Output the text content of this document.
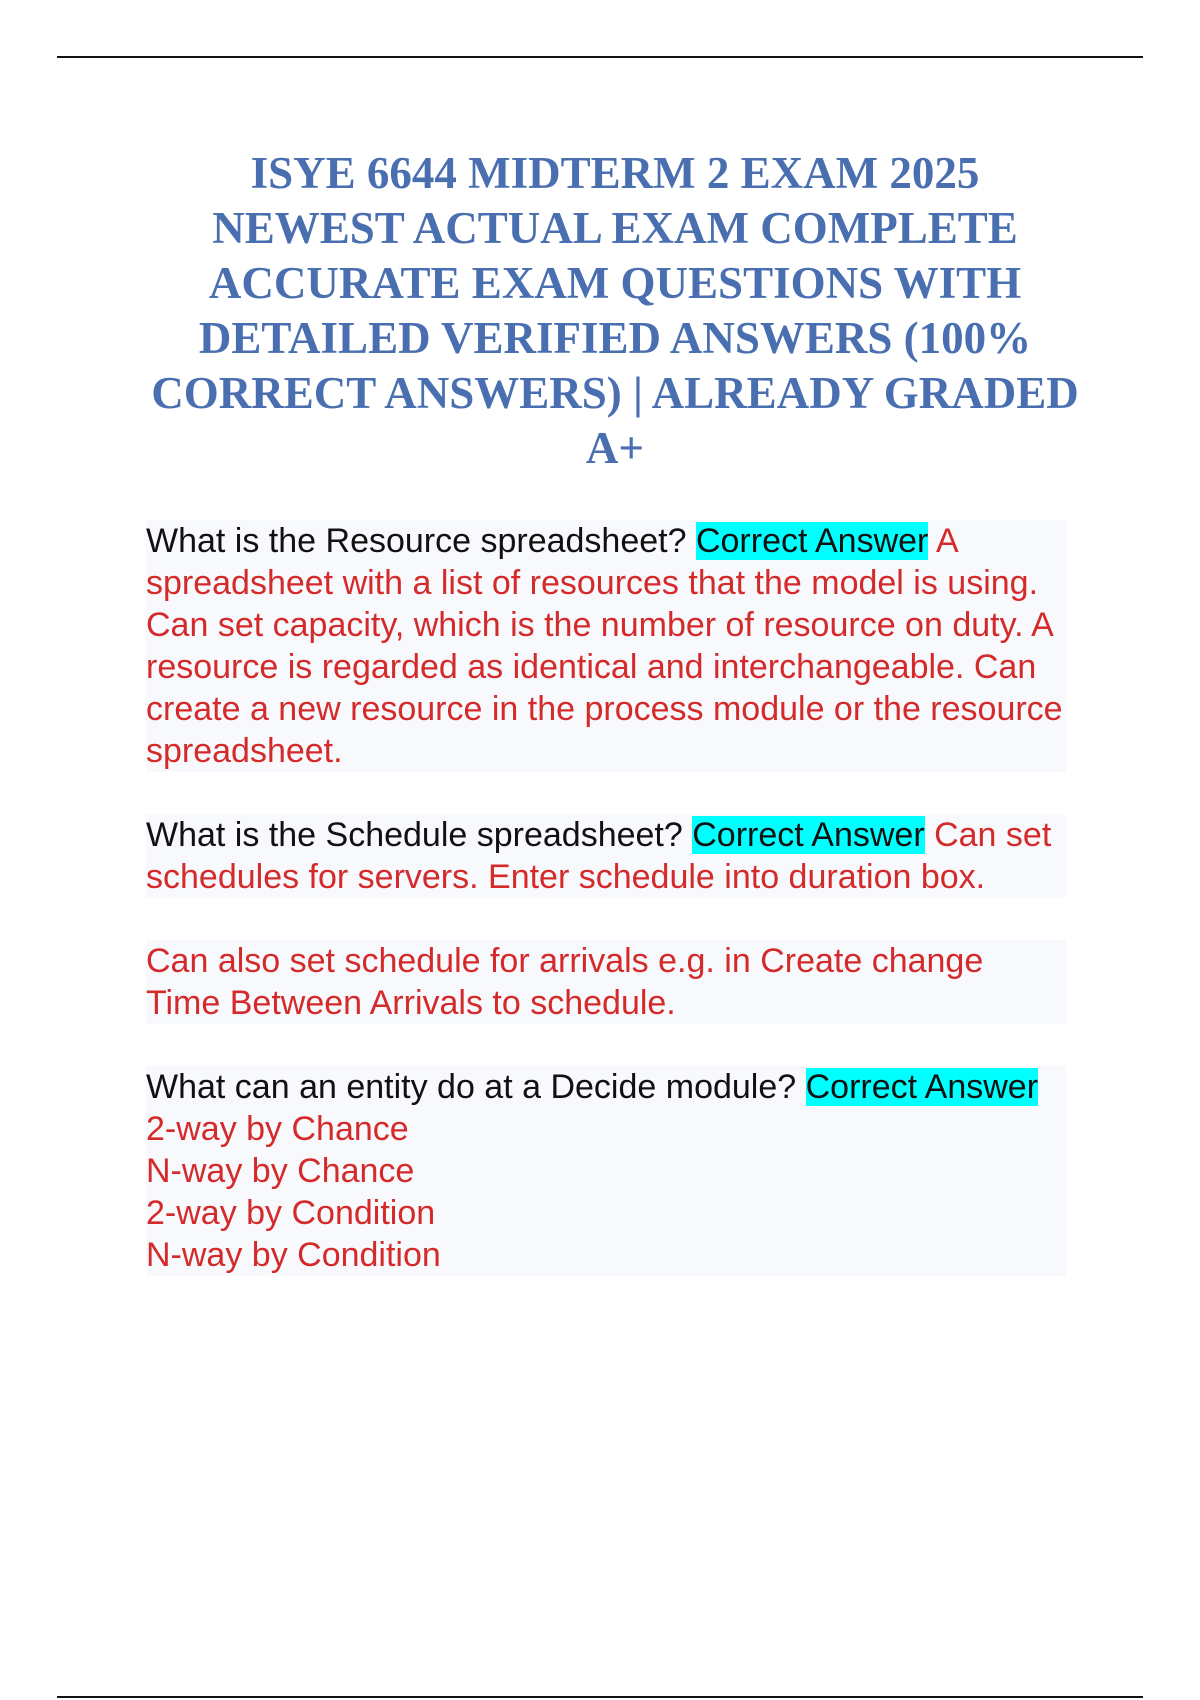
ISYE 6644 MIDTERM 2 EXAM 2025 NEWEST ACTUAL EXAM COMPLETE ACCURATE EXAM QUESTIONS WITH DETAILED VERIFIED ANSWERS (100% CORRECT ANSWERS) | ALREADY GRADED A+

What is the Resource spreadsheet? Correct Answer A spreadsheet with a list of resources that the model is using. Can set capacity, which is the number of resource on duty. A resource is regarded as identical and interchangeable. Can create a new resource in the process module or the resource spreadsheet.

What is the Schedule spreadsheet? Correct Answer Can set schedules for servers. Enter schedule into duration box.

Can also set schedule for arrivals e.g. in Create change Time Between Arrivals to schedule.

What can an entity do at a Decide module? Correct Answer 2-way by Chance
N-way by Chance
2-way by Condition
N-way by Condition
